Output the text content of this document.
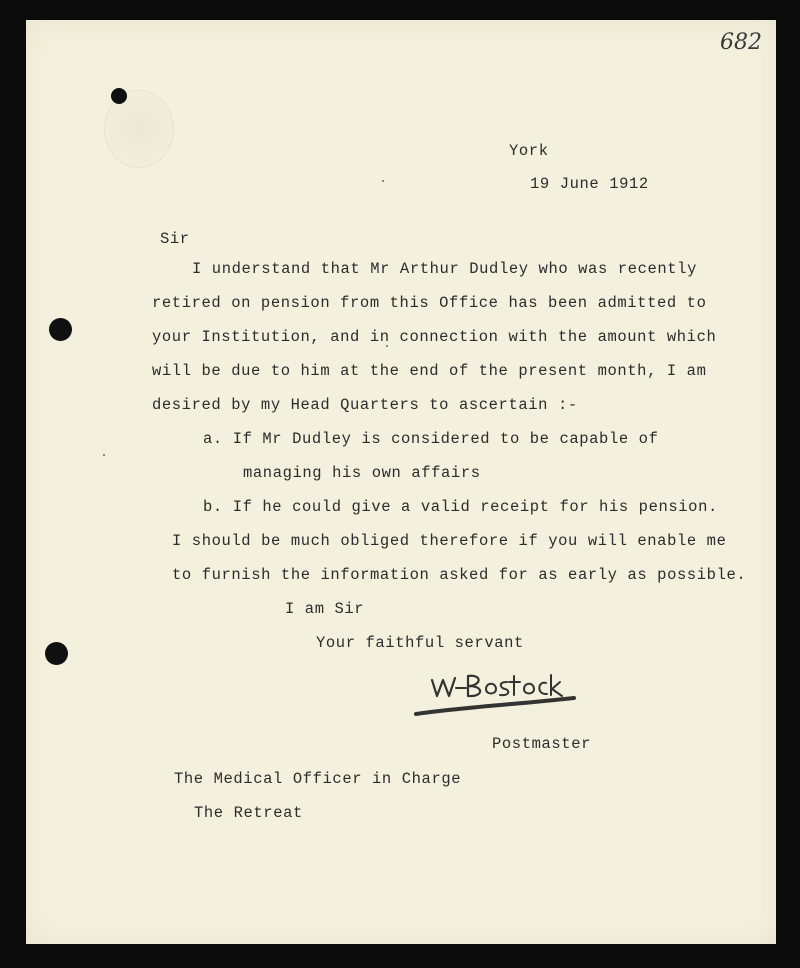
682
York
19 June 1912
Sir
I understand that Mr Arthur Dudley who was recently
retired on pension from this Office has been admitted to
your Institution, and in connection with the amount which
will be due to him at the end of the present month, I am
desired by my Head Quarters to ascertain :-
a. If Mr Dudley is considered to be capable of
managing his own affairs
b. If he could give a valid receipt for his pension.
I should be much obliged therefore if you will enable me
to furnish the information asked for as early as possible.
I am Sir
Your faithful servant
Postmaster
The Medical Officer in Charge
The Retreat
